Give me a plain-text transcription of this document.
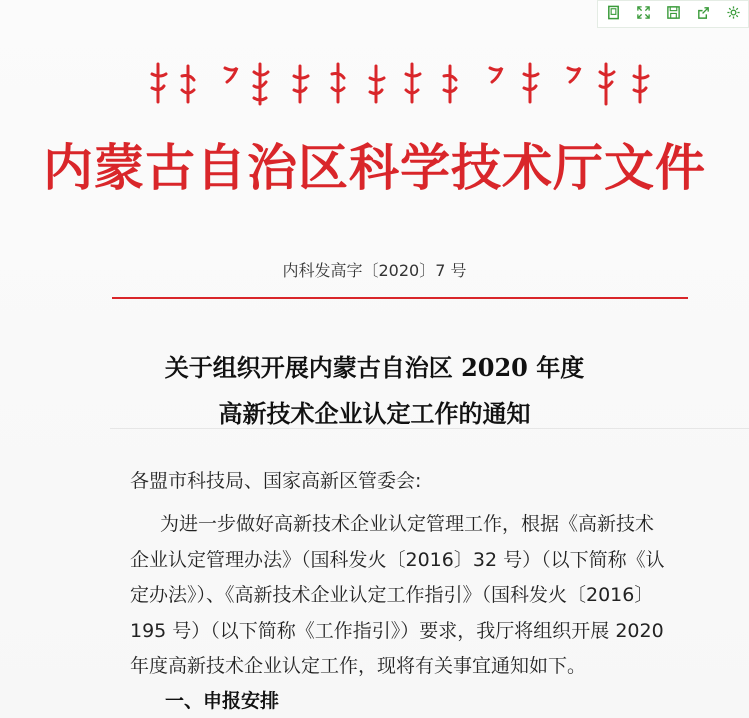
内蒙古自治区科学技术厅文件
内科发高字〔2020〕7 号
关于组织开展内蒙古自治区 2020 年度
高新技术企业认定工作的通知
各盟市科技局、国家高新区管委会:
为进一步做好高新技术企业认定管理工作，根据《高新技术
企业认定管理办法》（国科发火〔2016〕32 号）（以下简称《认
定办法》）、《高新技术企业认定工作指引》（国科发火〔2016〕
195 号）（以下简称《工作指引》）要求，我厅将组织开展 2020
年度高新技术企业认定工作，现将有关事宜通知如下。
一、申报安排
